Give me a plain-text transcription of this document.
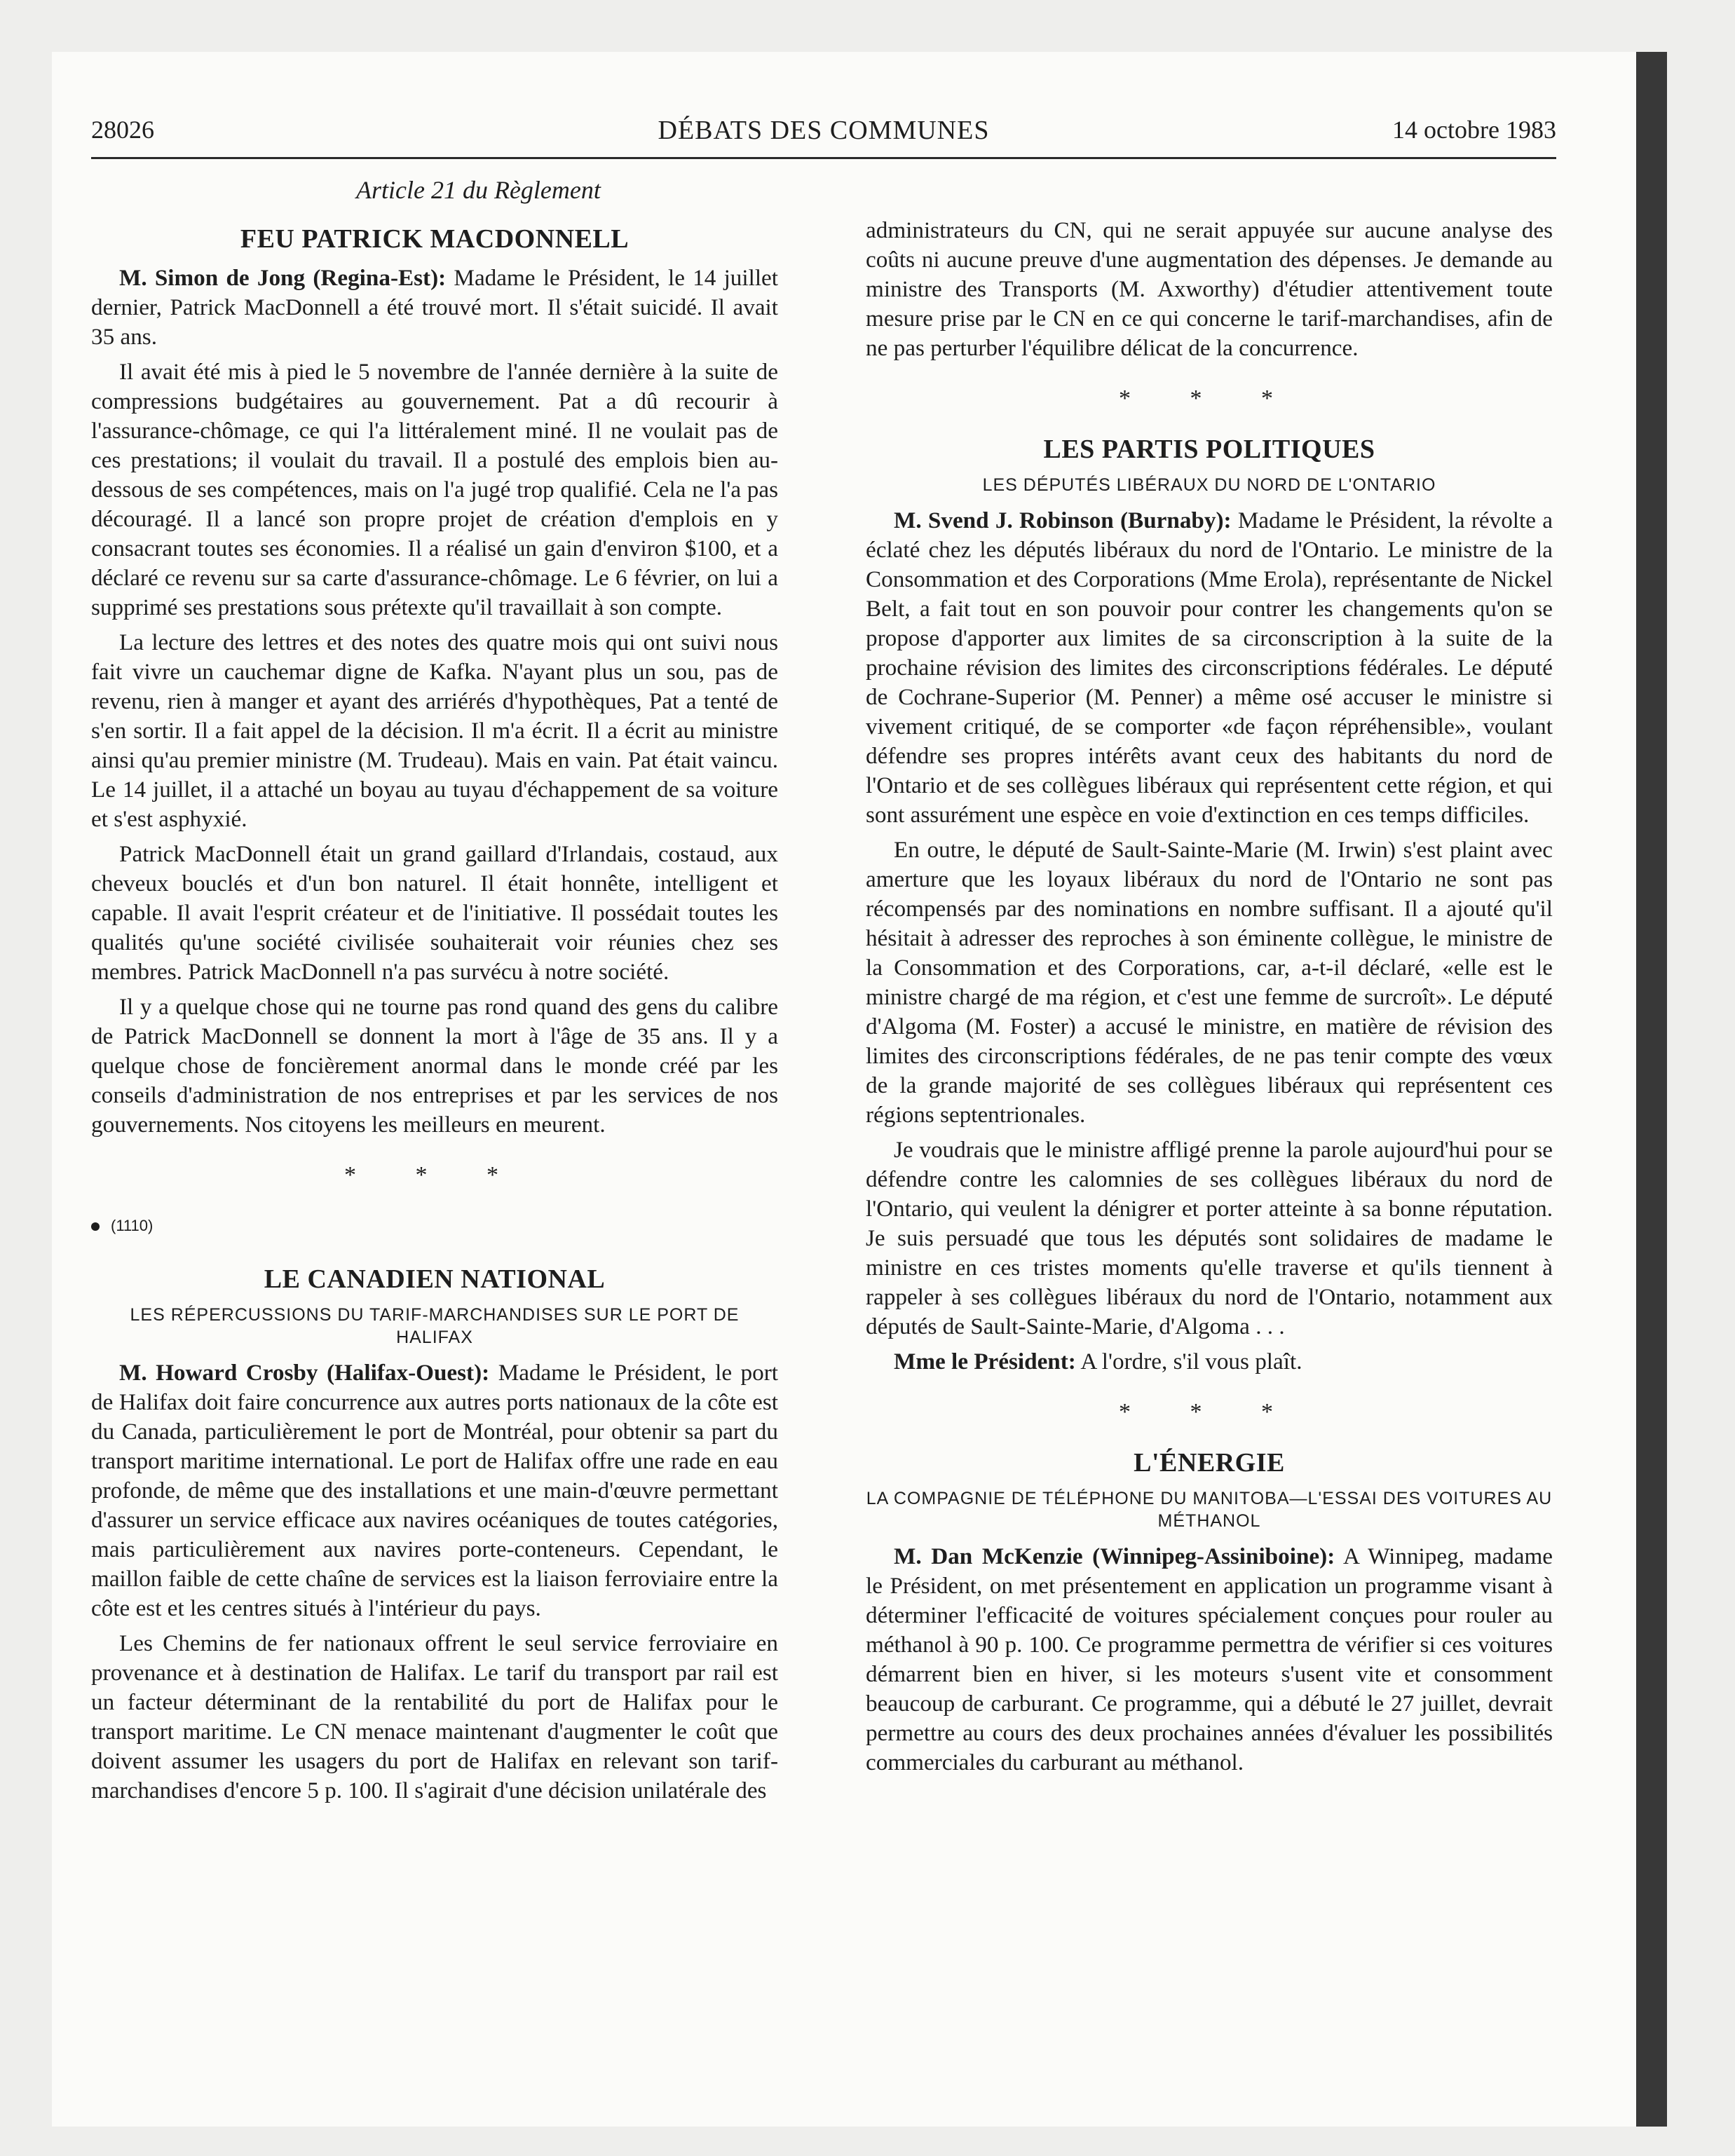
28026	DÉBATS DES COMMUNES	14 octobre 1983
Article 21 du Règlement
FEU PATRICK MACDONNELL

M. Simon de Jong (Regina-Est): Madame le Président, le 14 juillet dernier, Patrick MacDonnell a été trouvé mort. Il s'était suicidé. Il avait 35 ans.

Il avait été mis à pied le 5 novembre de l'année dernière à la suite de compressions budgétaires au gouvernement. Pat a dû recourir à l'assurance-chômage, ce qui l'a littéralement miné. Il ne voulait pas de ces prestations; il voulait du travail. Il a postulé des emplois bien au-dessous de ses compétences, mais on l'a jugé trop qualifié. Cela ne l'a pas découragé. Il a lancé son propre projet de création d'emplois en y consacrant toutes ses économies. Il a réalisé un gain d'environ $100, et a déclaré ce revenu sur sa carte d'assurance-chômage. Le 6 février, on lui a supprimé ses prestations sous prétexte qu'il travaillait à son compte.

La lecture des lettres et des notes des quatre mois qui ont suivi nous fait vivre un cauchemar digne de Kafka. N'ayant plus un sou, pas de revenu, rien à manger et ayant des arriérés d'hypothèques, Pat a tenté de s'en sortir. Il a fait appel de la décision. Il m'a écrit. Il a écrit au ministre ainsi qu'au premier ministre (M. Trudeau). Mais en vain. Pat était vaincu. Le 14 juillet, il a attaché un boyau au tuyau d'échappement de sa voiture et s'est asphyxié.

Patrick MacDonnell était un grand gaillard d'Irlandais, costaud, aux cheveux bouclés et d'un bon naturel. Il était honnête, intelligent et capable. Il avait l'esprit créateur et de l'initiative. Il possédait toutes les qualités qu'une société civilisée souhaiterait voir réunies chez ses membres. Patrick MacDonnell n'a pas survécu à notre société.

Il y a quelque chose qui ne tourne pas rond quand des gens du calibre de Patrick MacDonnell se donnent la mort à l'âge de 35 ans. Il y a quelque chose de foncièrement anormal dans le monde créé par les conseils d'administration de nos entreprises et par les services de nos gouvernements. Nos citoyens les meilleurs en meurent.

* * *
(1110)
LE CANADIEN NATIONAL
LES RÉPERCUSSIONS DU TARIF-MARCHANDISES SUR LE PORT DE HALIFAX

M. Howard Crosby (Halifax-Ouest): Madame le Président, le port de Halifax doit faire concurrence aux autres ports nationaux de la côte est du Canada, particulièrement le port de Montréal, pour obtenir sa part du transport maritime international. Le port de Halifax offre une rade en eau profonde, de même que des installations et une main-d'œuvre permettant d'assurer un service efficace aux navires océaniques de toutes catégories, mais particulièrement aux navires porte-conteneurs. Cependant, le maillon faible de cette chaîne de services est la liaison ferroviaire entre la côte est et les centres situés à l'intérieur du pays.

Les Chemins de fer nationaux offrent le seul service ferroviaire en provenance et à destination de Halifax. Le tarif du transport par rail est un facteur déterminant de la rentabilité du port de Halifax pour le transport maritime. Le CN menace maintenant d'augmenter le coût que doivent assumer les usagers du port de Halifax en relevant son tarif-marchandises d'encore 5 p. 100. Il s'agirait d'une décision unilatérale des

administrateurs du CN, qui ne serait appuyée sur aucune analyse des coûts ni aucune preuve d'une augmentation des dépenses. Je demande au ministre des Transports (M. Axworthy) d'étudier attentivement toute mesure prise par le CN en ce qui concerne le tarif-marchandises, afin de ne pas perturber l'équilibre délicat de la concurrence.

* * *
LES PARTIS POLITIQUES
LES DÉPUTÉS LIBÉRAUX DU NORD DE L'ONTARIO

M. Svend J. Robinson (Burnaby): Madame le Président, la révolte a éclaté chez les députés libéraux du nord de l'Ontario. Le ministre de la Consommation et des Corporations (Mme Erola), représentante de Nickel Belt, a fait tout en son pouvoir pour contrer les changements qu'on se propose d'apporter aux limites de sa circonscription à la suite de la prochaine révision des limites des circonscriptions fédérales. Le député de Cochrane-Superior (M. Penner) a même osé accuser le ministre si vivement critiqué, de se comporter «de façon répréhensible», voulant défendre ses propres intérêts avant ceux des habitants du nord de l'Ontario et de ses collègues libéraux qui représentent cette région, et qui sont assurément une espèce en voie d'extinction en ces temps difficiles.

En outre, le député de Sault-Sainte-Marie (M. Irwin) s'est plaint avec amerture que les loyaux libéraux du nord de l'Ontario ne sont pas récompensés par des nominations en nombre suffisant. Il a ajouté qu'il hésitait à adresser des reproches à son éminente collègue, le ministre de la Consommation et des Corporations, car, a-t-il déclaré, «elle est le ministre chargé de ma région, et c'est une femme de surcroît». Le député d'Algoma (M. Foster) a accusé le ministre, en matière de révision des limites des circonscriptions fédérales, de ne pas tenir compte des vœux de la grande majorité de ses collègues libéraux qui représentent ces régions septentrionales.

Je voudrais que le ministre affligé prenne la parole aujourd'hui pour se défendre contre les calomnies de ses collègues libéraux du nord de l'Ontario, qui veulent la dénigrer et porter atteinte à sa bonne réputation. Je suis persuadé que tous les députés sont solidaires de madame le ministre en ces tristes moments qu'elle traverse et qu'ils tiennent à rappeler à ses collègues libéraux du nord de l'Ontario, notamment aux députés de Sault-Sainte-Marie, d'Algoma . . .

Mme le Président: A l'ordre, s'il vous plaît.

* * *
L'ÉNERGIE
LA COMPAGNIE DE TÉLÉPHONE DU MANITOBA—L'ESSAI DES VOITURES AU MÉTHANOL

M. Dan McKenzie (Winnipeg-Assiniboine): A Winnipeg, madame le Président, on met présentement en application un programme visant à déterminer l'efficacité de voitures spécialement conçues pour rouler au méthanol à 90 p. 100. Ce programme permettra de vérifier si ces voitures démarrent bien en hiver, si les moteurs s'usent vite et consomment beaucoup de carburant. Ce programme, qui a débuté le 27 juillet, devrait permettre au cours des deux prochaines années d'évaluer les possibilités commerciales du carburant au méthanol.
